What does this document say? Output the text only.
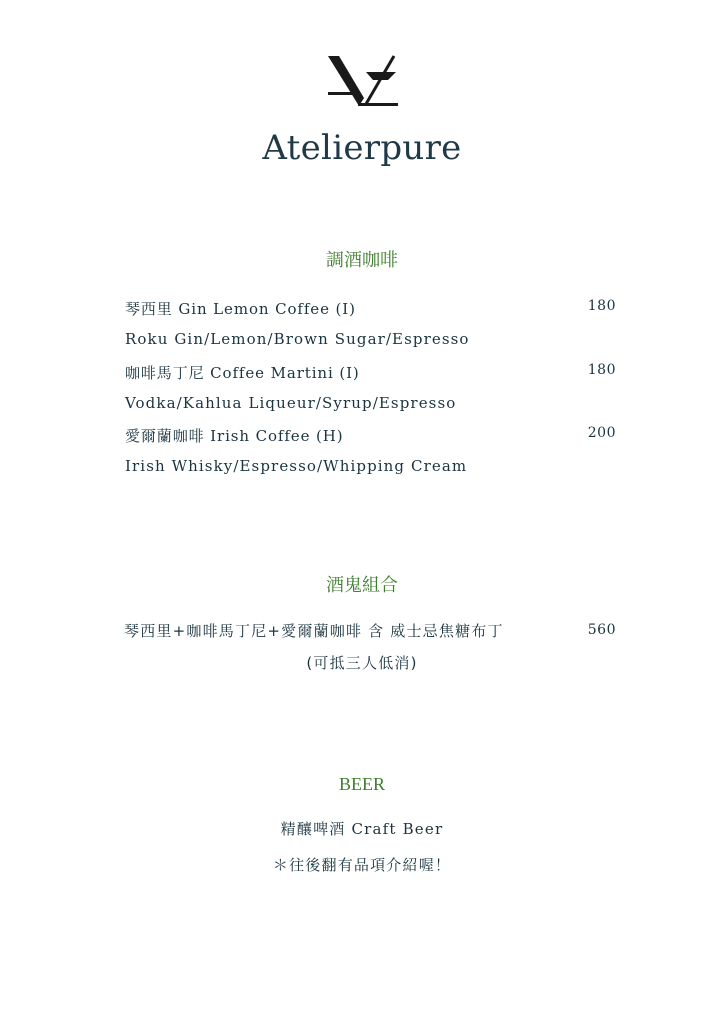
Atelierpure
調酒咖啡
琴西里 Gin Lemon Coffee (I)	180
Roku Gin/Lemon/Brown Sugar/Espresso
咖啡馬丁尼 Coffee Martini (I)	180
Vodka/Kahlua Liqueur/Syrup/Espresso
愛爾蘭咖啡 Irish Coffee (H)	200
Irish Whisky/Espresso/Whipping Cream
酒鬼組合
琴西里+咖啡馬丁尼+愛爾蘭咖啡 含 威士忌焦糖布丁	560
(可抵三人低消)
BEER
精釀啤酒 Craft Beer
＊往後翻有品項介紹喔！
